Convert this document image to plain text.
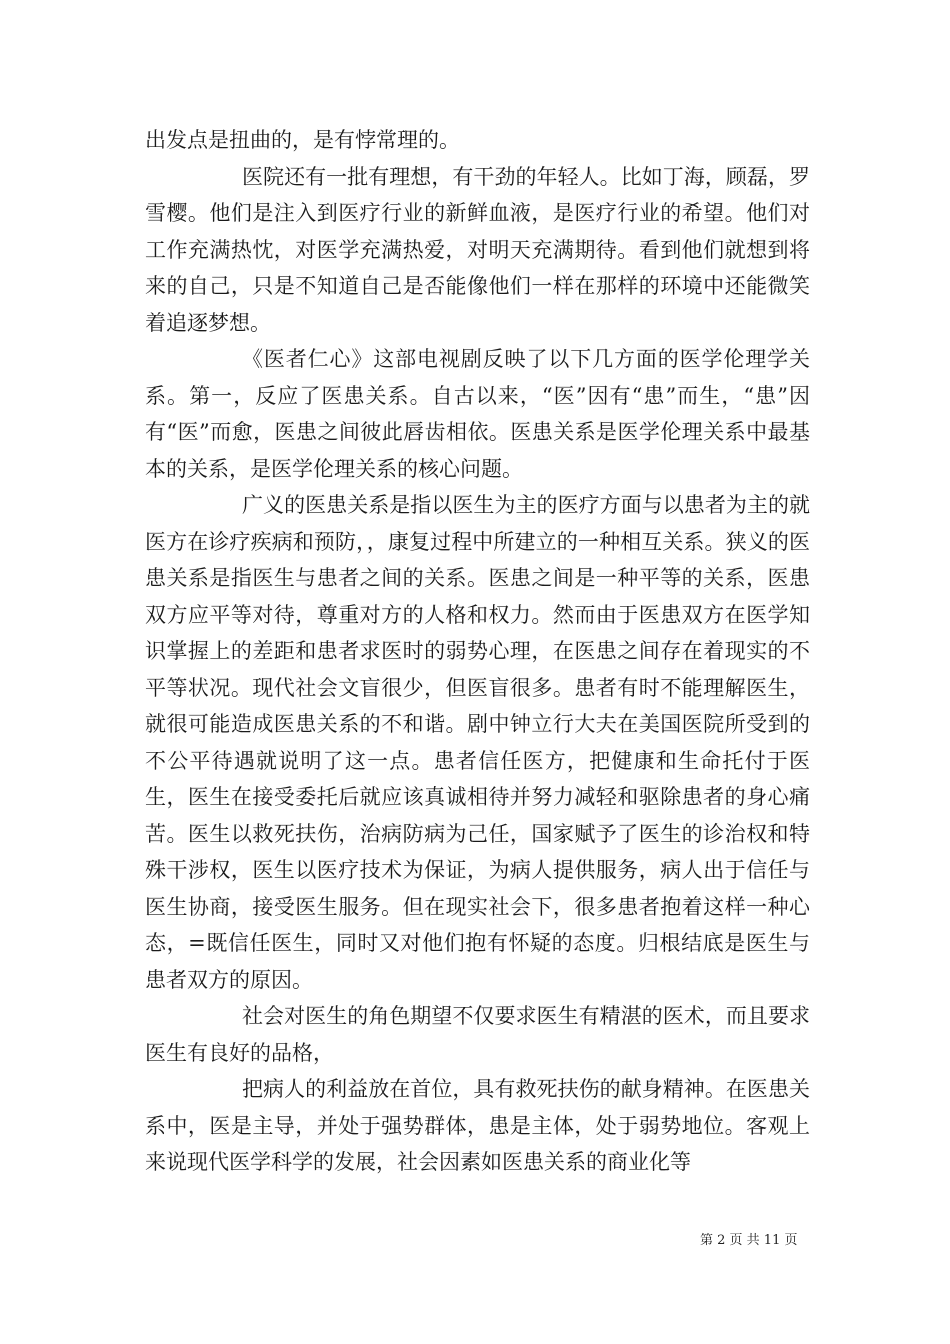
出发点是扭曲的，是有悖常理的。

医院还有一批有理想，有干劲的年轻人。比如丁海，顾磊，罗雪樱。他们是注入到医疗行业的新鲜血液，是医疗行业的希望。他们对工作充满热忱，对医学充满热爱，对明天充满期待。看到他们就想到将来的自己，只是不知道自己是否能像他们一样在那样的环境中还能微笑着追逐梦想。

《医者仁心》这部电视剧反映了以下几方面的医学伦理学关系。第一，反应了医患关系。自古以来，“医”因有“患”而生，“患”因有“医”而愈，医患之间彼此唇齿相依。医患关系是医学伦理关系中最基本的关系，是医学伦理关系的核心问题。

广义的医患关系是指以医生为主的医疗方面与以患者为主的就医方在诊疗疾病和预防，，康复过程中所建立的一种相互关系。狭义的医患关系是指医生与患者之间的关系。医患之间是一种平等的关系，医患双方应平等对待，尊重对方的人格和权力。然而由于医患双方在医学知识掌握上的差距和患者求医时的弱势心理，在医患之间存在着现实的不平等状况。现代社会文盲很少，但医盲很多。患者有时不能理解医生，就很可能造成医患关系的不和谐。剧中钟立行大夫在美国医院所受到的不公平待遇就说明了这一点。患者信任医方，把健康和生命托付于医生，医生在接受委托后就应该真诚相待并努力减轻和驱除患者的身心痛苦。医生以救死扶伤，治病防病为己任，国家赋予了医生的诊治权和特殊干涉权，医生以医疗技术为保证，为病人提供服务，病人出于信任与医生协商，接受医生服务。但在现实社会下，很多患者抱着这样一种心态，=既信任医生，同时又对他们抱有怀疑的态度。归根结底是医生与患者双方的原因。

社会对医生的角色期望不仅要求医生有精湛的医术，而且要求医生有良好的品格，

把病人的利益放在首位，具有救死扶伤的献身精神。在医患关系中，医是主导，并处于强势群体，患是主体，处于弱势地位。客观上来说现代医学科学的发展，社会因素如医患关系的商业化等

第 2 页 共 11 页
